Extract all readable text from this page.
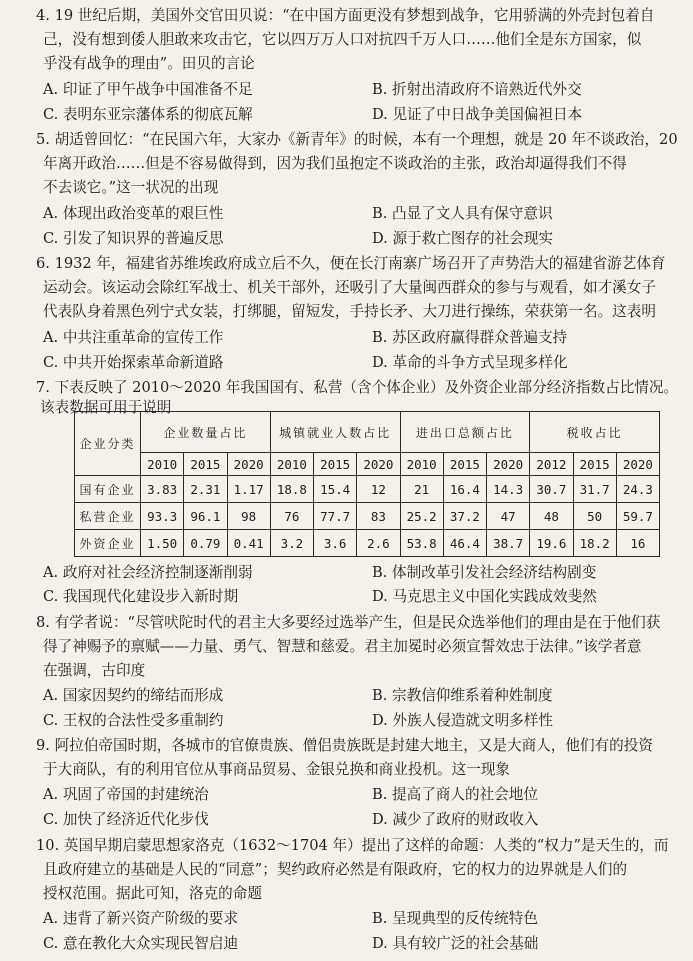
4. 19 世纪后期，美国外交官田贝说：“在中国方面更没有梦想到战争，它用骄满的外壳封包着自
己，没有想到倭人胆敢来攻击它，它以四万万人口对抗四千万人口……他们全是东方国家，似
乎没有战争的理由”。田贝的言论
A. 印证了甲午战争中国准备不足	B. 折射出清政府不谙熟近代外交
C. 表明东亚宗藩体系的彻底瓦解	D. 见证了中日战争美国偏袒日本
5. 胡适曾回忆：“在民国六年，大家办《新青年》的时候，本有一个理想，就是 20 年不谈政治，20
年离开政治……但是不容易做得到，因为我们虽抱定不谈政治的主张，政治却逼得我们不得
不去谈它。”这一状况的出现
A. 体现出政治变革的艰巨性	B. 凸显了文人具有保守意识
C. 引发了知识界的普遍反思	D. 源于救亡图存的社会现实
6. 1932 年，福建省苏维埃政府成立后不久，便在长汀南寨广场召开了声势浩大的福建省游艺体育
运动会。该运动会除红军战士、机关干部外，还吸引了大量闽西群众的参与与观看，如才溪女子
代表队身着黑色列宁式女装，打绑腿，留短发，手持长矛、大刀进行操练，荣获第一名。这表明
A. 中共注重革命的宣传工作	B. 苏区政府赢得群众普遍支持
C. 中共开始探索革命新道路	D. 革命的斗争方式呈现多样化
7. 下表反映了 2010～2020 年我国国有、私营（含个体企业）及外资企业部分经济指数占比情况。
该表数据可用于说明
企业分类	企业数量占比			城镇就业人数占比			进出口总额占比			税收占比		
	2010	2015	2020	2010	2015	2020	2010	2015	2020	2012	2015	2020
国有企业	3.83	2.31	1.17	18.8	15.4	12	21	16.4	14.3	30.7	31.7	24.3
私营企业	93.3	96.1	98	76	77.7	83	25.2	37.2	47	48	50	59.7
外资企业	1.50	0.79	0.41	3.2	3.6	2.6	53.8	46.4	38.7	19.6	18.2	16
A. 政府对社会经济控制逐渐削弱	B. 体制改革引发社会经济结构剧变
C. 我国现代化建设步入新时期	D. 马克思主义中国化实践成效斐然
8. 有学者说：“尽管吠陀时代的君主大多要经过选举产生，但是民众选举他们的理由是在于他们获
得了神赐予的禀赋——力量、勇气、智慧和慈爱。君主加冕时必须宣誓效忠于法律。”该学者意
在强调，古印度
A. 国家因契约的缔结而形成	B. 宗教信仰维系着种姓制度
C. 王权的合法性受多重制约	D. 外族人侵造就文明多样性
9. 阿拉伯帝国时期，各城市的官僚贵族、僧侣贵族既是封建大地主，又是大商人，他们有的投资
于大商队，有的利用官位从事商品贸易、金银兑换和商业投机。这一现象
A. 巩固了帝国的封建统治	B. 提高了商人的社会地位
C. 加快了经济近代化步伐	D. 减少了政府的财政收入
10. 英国早期启蒙思想家洛克（1632～1704 年）提出了这样的命题：人类的“权力”是天生的，而
且政府建立的基础是人民的“同意”；契约政府必然是有限政府，它的权力的边界就是人们的
授权范围。据此可知，洛克的命题
A. 违背了新兴资产阶级的要求	B. 呈现典型的反传统特色
C. 意在教化大众实现民智启迪	D. 具有较广泛的社会基础
